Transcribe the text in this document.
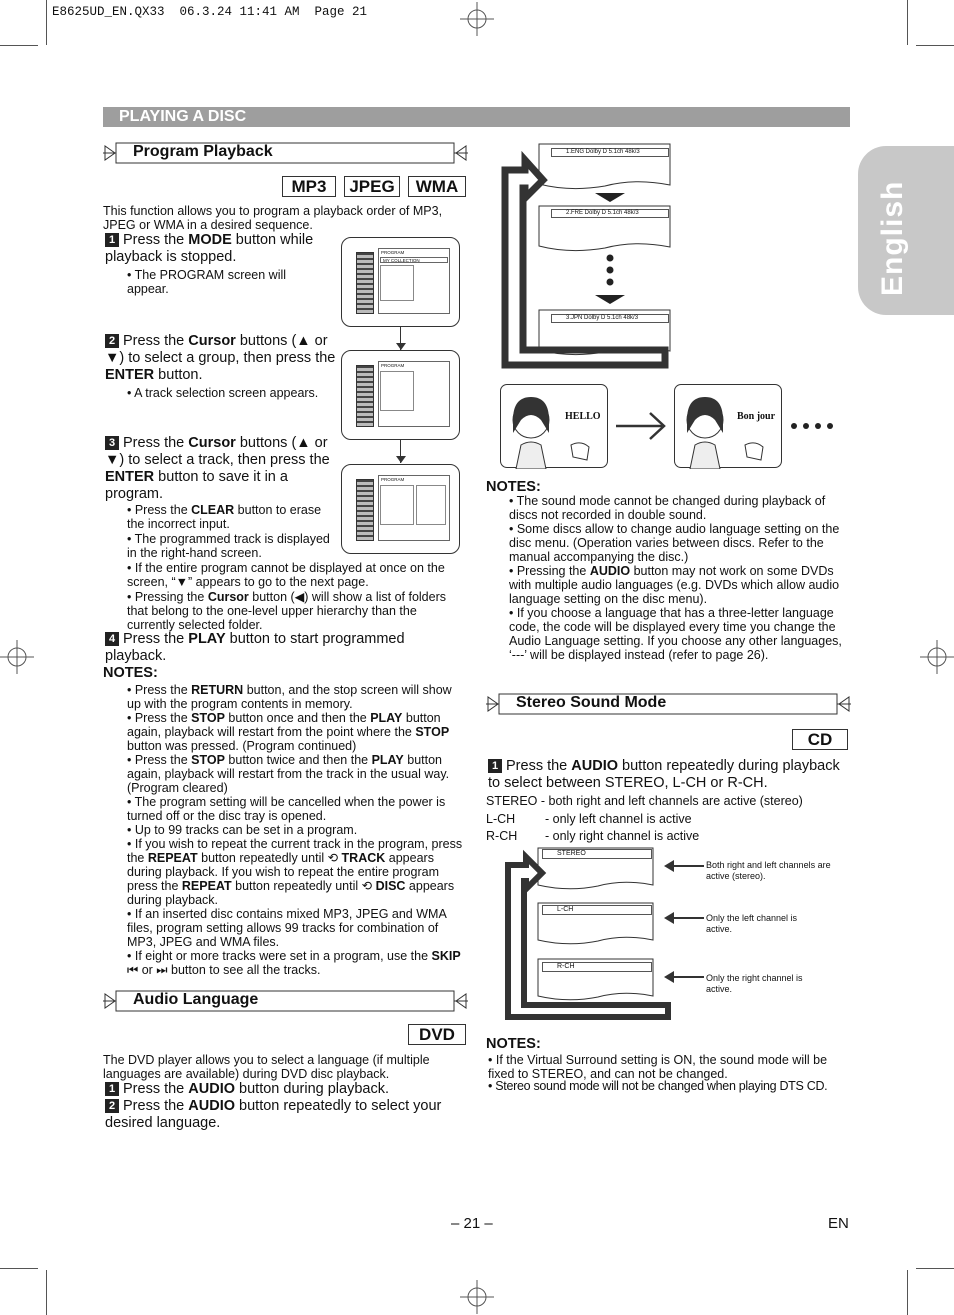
E8625UD_EN.QX33  06.3.24 11:41 AM  Page 21
English
PLAYING A DISC
Program Playback
MP3	JPEG	WMA
This function allows you to program a playback order of MP3, JPEG or WMA in a desired sequence.
1 Press the MODE button while playback is stopped.
• The PROGRAM screen will appear.
PROGRAM
MY COLLECTION
PROGRAM
PROGRAM
2 Press the Cursor buttons (▲ or ▼) to select a group, then press the ENTER button.
• A track selection screen appears.
3 Press the Cursor buttons (▲ or ▼) to select a track, then press the ENTER button to save it in a program.
• Press the CLEAR button to erase the incorrect input.
• The programmed track is displayed in the right-hand screen.
• If the entire program cannot be displayed at once on the screen, “▼” appears to go to the next page.
• Pressing the Cursor button (◀) will show a list of folders that belong to the one-level upper hierarchy than the currently selected folder.
4 Press the PLAY button to start programmed playback.
NOTES:
• Press the RETURN button, and the stop screen will show up with the program contents in memory.
• Press the STOP button once and then the PLAY button again, playback will restart from the point where the STOP button was pressed. (Program continued)
• Press the STOP button twice and then the PLAY button again, playback will restart from the track in the usual way. (Program cleared)
• The program setting will be cancelled when the power is turned off or the disc tray is opened.
• Up to 99 tracks can be set in a program.
• If you wish to repeat the current track in the program, press the REPEAT button repeatedly until ⟲ TRACK appears during playback. If you wish to repeat the entire program press the REPEAT button repeatedly until ⟲ DISC appears during playback.
• If an inserted disc contains mixed MP3, JPEG and WMA files, program setting allows 99 tracks for combination of MP3, JPEG and WMA files.
• If eight or more tracks were set in a program, use the SKIP ⏮ or ⏭ button to see all the tracks.
Audio Language
DVD
The DVD player allows you to select a language (if multiple languages are available) during DVD disc playback.
1 Press the AUDIO button during playback.
2 Press the AUDIO button repeatedly to select your desired language.
1.ENG Dolby D 5.1ch 48k/3
2.FRE Dolby D 5.1ch 48k/3
3.JPN Dolby D 5.1ch 48k/3
HELLO	Bon jour
NOTES:
• The sound mode cannot be changed during playback of discs not recorded in double sound.
• Some discs allow to change audio language setting on the disc menu. (Operation varies between discs. Refer to the manual accompanying the disc.)
• Pressing the AUDIO button may not work on some DVDs with multiple audio languages (e.g. DVDs which allow audio language setting on the disc menu).
• If you choose a language that has a three-letter language code, the code will be displayed every time you change the Audio Language setting. If you choose any other languages, ‘---’ will be displayed instead (refer to page 26).
Stereo Sound Mode
CD
1 Press the AUDIO button repeatedly during playback to select between STEREO, L-CH or R-CH.
STEREO - both right and left channels are active (stereo)
L-CH - only left channel is active
R-CH - only right channel is active
STEREO
L-CH
R-CH
Both right and left channels are active (stereo).
Only the left channel is active.
Only the right channel is active.
NOTES:
• If the Virtual Surround setting is ON, the sound mode will be fixed to STEREO, and can not be changed.
• Stereo sound mode will not be changed when playing DTS CD.
– 21 –	EN
